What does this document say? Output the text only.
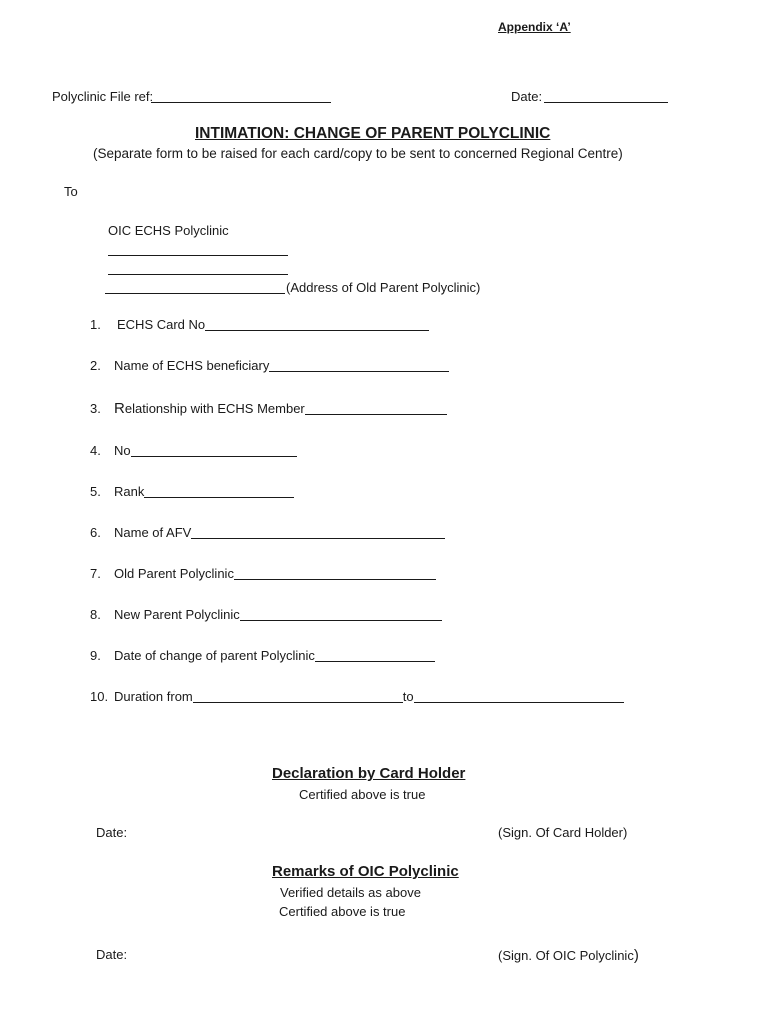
Appendix ‘A’
Polyclinic File ref:	Date:
INTIMATION: CHANGE OF PARENT POLYCLINIC
(Separate form to be raised for each card/copy to be sent to concerned Regional Centre)
To
OIC ECHS Polyclinic
(Address of Old Parent Polyclinic)
1. ECHS Card No
2. Name of ECHS beneficiary
3. Relationship with ECHS Member
4. No
5. Rank
6. Name of AFV
7. Old Parent Polyclinic
8. New Parent Polyclinic
9. Date of change of parent Polyclinic
10. Duration from	to
Declaration by Card Holder
Certified above is true
Date:	(Sign. Of Card Holder)
Remarks of OIC Polyclinic
Verified details as above
Certified above is true
Date:	(Sign. Of OIC Polyclinic)
